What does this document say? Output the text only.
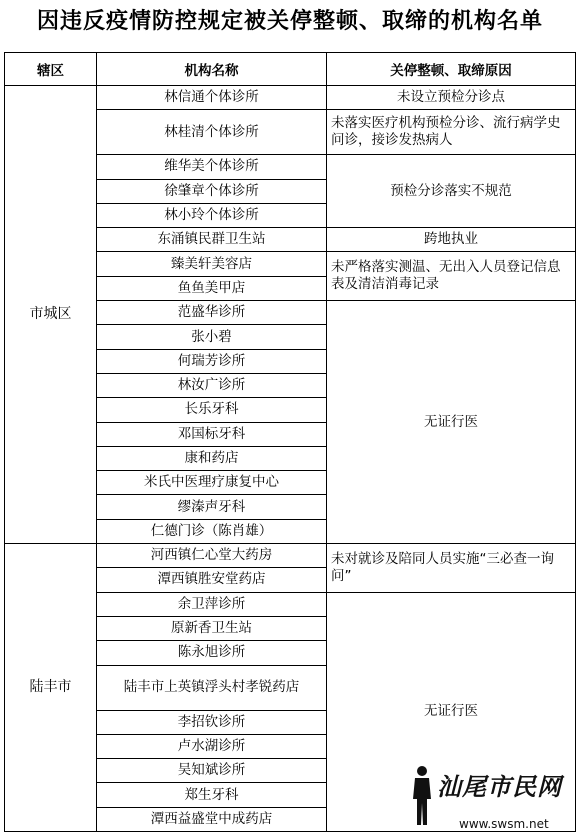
因违反疫情防控规定被关停整顿、取缔的机构名单
辖区	机构名称	关停整顿、取缔原因
市城区	林信通个体诊所	未设立预检分诊点
	林桂清个体诊所	未落实医疗机构预检分诊、流行病学史问诊，接诊发热病人
	维华美个体诊所	预检分诊落实不规范
	徐肇章个体诊所	
	林小玲个体诊所	
	东涌镇民群卫生站	跨地执业
	臻美轩美容店	未严格落实测温、无出入人员登记信息表及清洁消毒记录
	鱼鱼美甲店	
	范盛华诊所	无证行医
	张小碧	
	何瑞芳诊所	
	林汝广诊所	
	长乐牙科	
	邓国标牙科	
	康和药店	
	米氏中医理疗康复中心	
	缪溱声牙科	
	仁德门诊（陈肖雄）	
陆丰市	河西镇仁心堂大药房	未对就诊及陪同人员实施“三必查一询问”
	潭西镇胜安堂药店	
	余卫萍诊所	无证行医
	原新香卫生站	
	陈永旭诊所	
	陆丰市上英镇浮头村孝锐药店	
	李招钦诊所	
	卢水湖诊所	
	吴知斌诊所	
	郑生牙科	
	潭西益盛堂中成药店	
汕尾市民网
www.swsm.net
